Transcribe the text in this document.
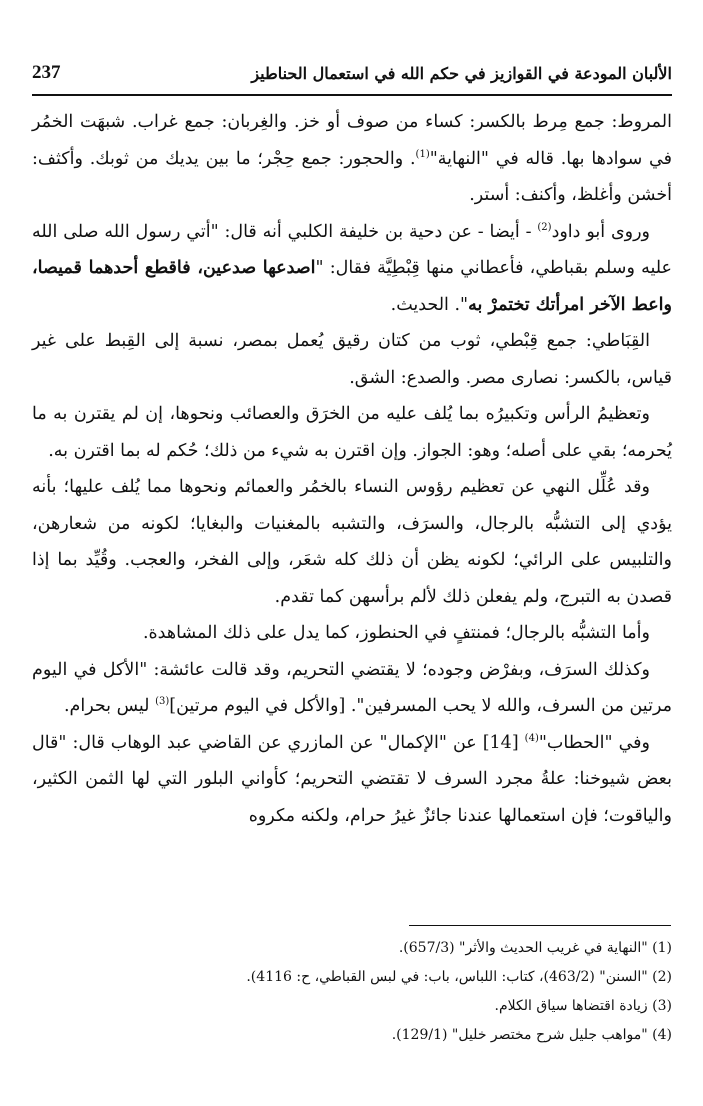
الألبان المودعة في القوازيز في حكم الله في استعمال الحناطيز
237

المروط: جمع مِرط بالكسر: كساء من صوف أو خز. والغِربان: جمع غراب. شبهَت الخمُر في سوادها بها. قاله في "النهاية"$^{(1)}$. والحجور: جمع حِجْر؛ ما بين يديك من ثوبك. وأكثف: أخشن وأغلظ، وأكنف: أستر.

وروى أبو داود$^{(2)}$ - أيضا - عن دحية بن خليفة الكلبي أنه قال: "أتي رسول الله صلى الله عليه وسلم بقباطي، فأعطاني منها قِبْطِيَّة فقال: "اصدعها صدعين، فاقطع أحدهما قميصا، واعط الآخر امرأتك تختمرْ به". الحديث.

القِبَاطي: جمع قِبْطي، ثوب من كتان رقيق يُعمل بمصر، نسبة إلى القِبط على غير قياس، بالكسر: نصارى مصر. والصدع: الشق.

وتعظيمُ الرأس وتكبيرُه بما يُلف عليه من الخرَق والعصائب ونحوها، إن لم يقترن به ما يُحرمه؛ بقي على أصله؛ وهو: الجواز. وإن اقترن به شيء من ذلك؛ حُكم له بما اقترن به.

وقد عُلِّل النهي عن تعظيم رؤوس النساء بالخمُر والعمائم ونحوها مما يُلف عليها؛ بأنه يؤدي إلى التشبُّه بالرجال، والسرَف، والتشبه بالمغنيات والبغايا؛ لكونه من شعارهن، والتلبيس على الرائي؛ لكونه يظن أن ذلك كله شعَر، وإلى الفخر، والعجب. وقُيِّد بما إذا قصدن به التبرج، ولم يفعلن ذلك لألم برأسهن كما تقدم.

وأما التشبُّه بالرجال؛ فمنتفٍ في الحنطوز، كما يدل على ذلك المشاهدة.

وكذلك السرَف، وبفرْض وجوده؛ لا يقتضي التحريم، وقد قالت عائشة: "الأكل في اليوم مرتين من السرف، والله لا يحب المسرفين". [والأكل في اليوم مرتين]$^{(3)}$ ليس بحرام.

وفي "الحطاب"$^{(4)}$ [14] عن "الإكمال" عن المازري عن القاضي عبد الوهاب قال: "قال بعض شيوخنا: علةُ مجرد السرف لا تقتضي التحريم؛ كأواني البلور التي لها الثمن الكثير، والياقوت؛ فإن استعمالها عندنا جائزٌ غيرُ حرام، ولكنه مكروه

(1) "النهاية في غريب الحديث والأثر" (657/3).

(2) "السنن" (463/2)، كتاب: اللباس، باب: في لبس القباطي، ح: 4116).

(3) زيادة اقتضاها سياق الكلام.

(4) "مواهب جليل شرح مختصر خليل" (129/1).
